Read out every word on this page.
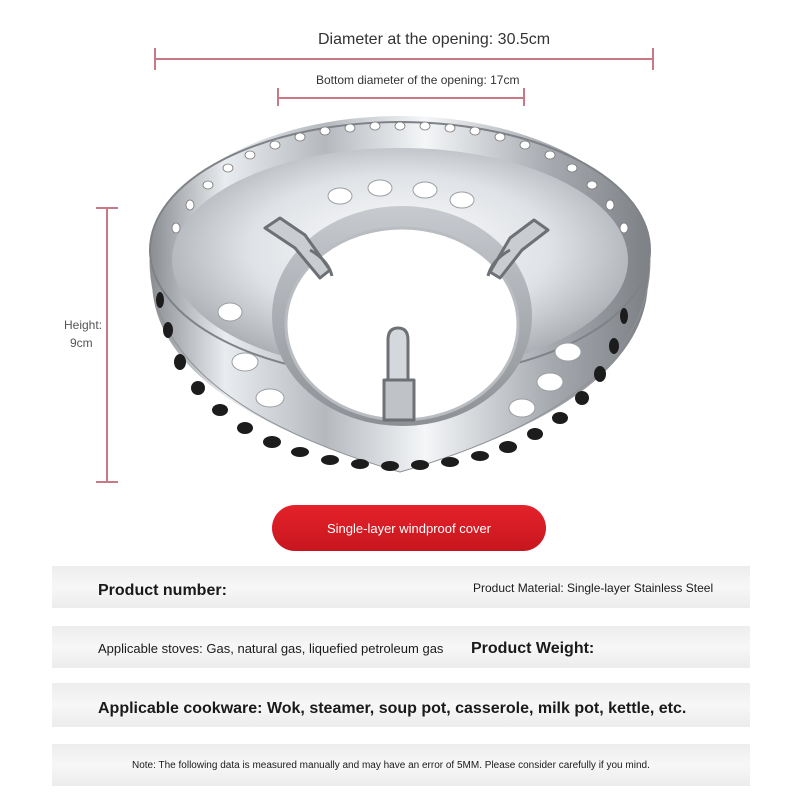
Diameter at the opening: 30.5cm
Bottom diameter of the opening: 17cm
Height:
9cm
Single-layer windproof cover
Product number:	Product Material: Single-layer Stainless Steel
Applicable stoves: Gas, natural gas, liquefied petroleum gas Product Weight:
Applicable cookware: Wok, steamer, soup pot, casserole, milk pot, kettle, etc.
Note: The following data is measured manually and may have an error of 5MM. Please consider carefully if you mind.
